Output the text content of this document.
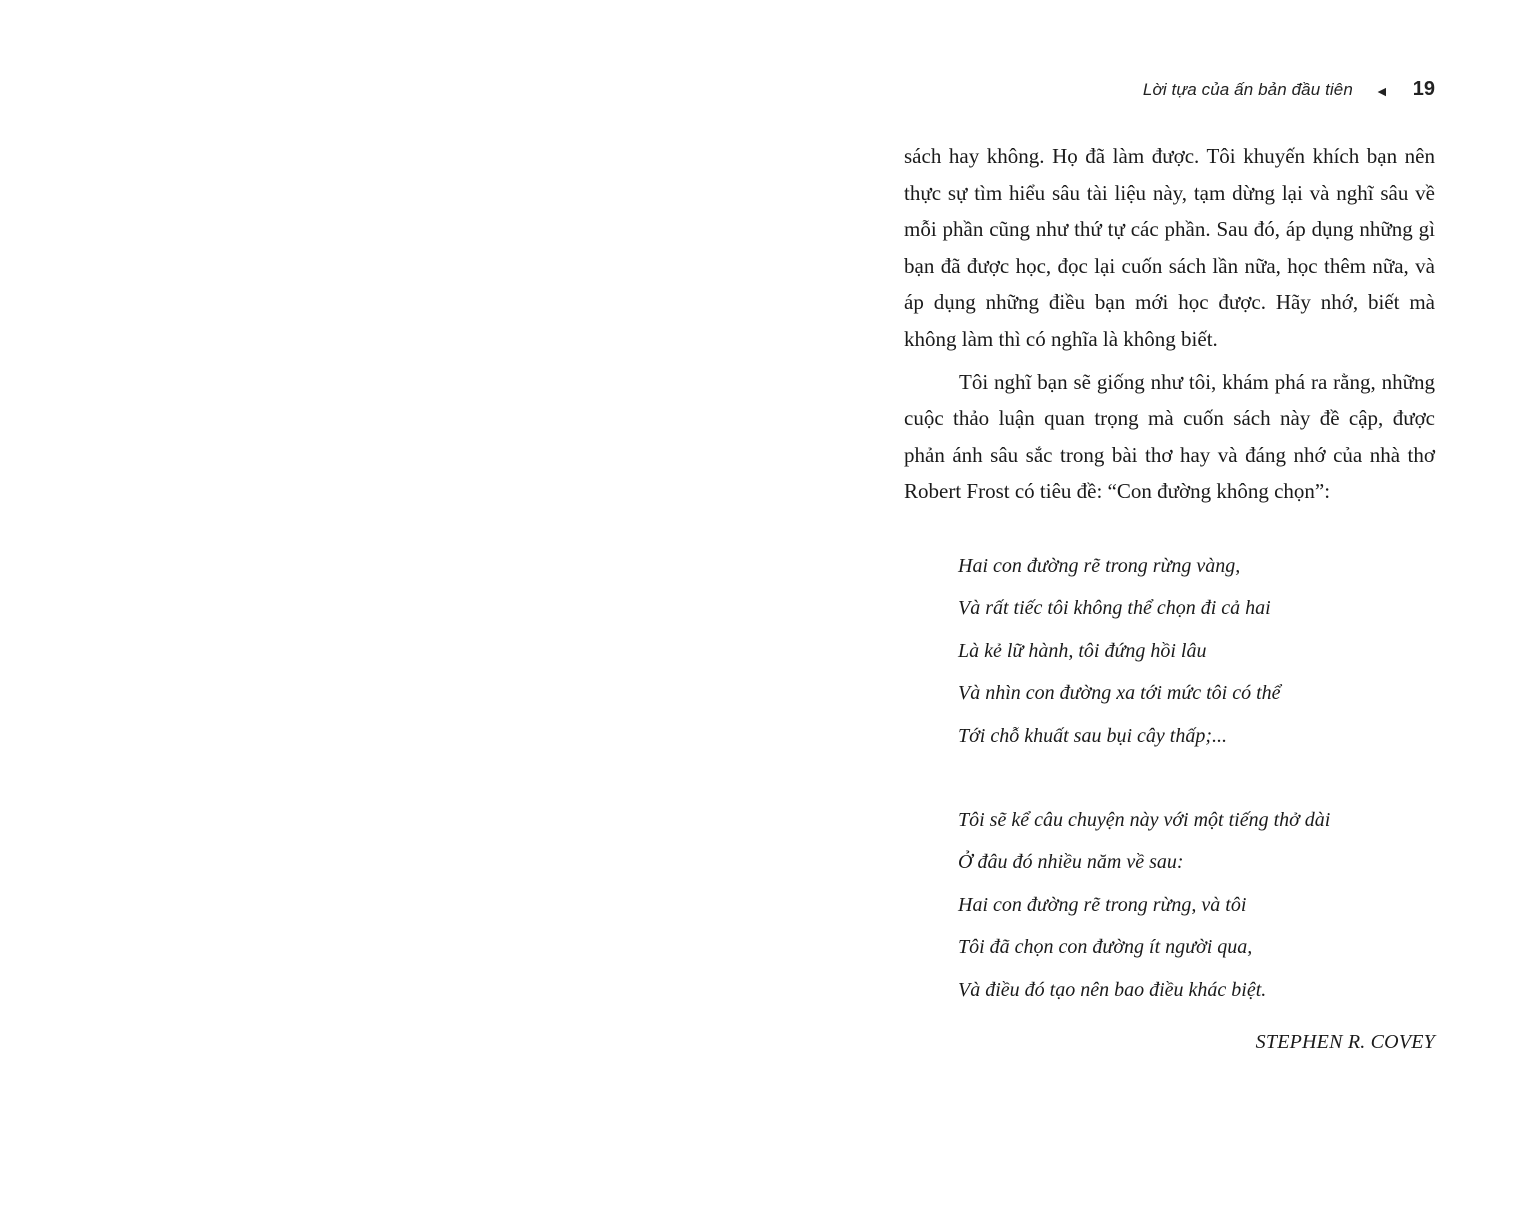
Lời tựa của ấn bản đầu tiên ◄ 19

sách hay không. Họ đã làm được. Tôi khuyến khích bạn nên thực sự tìm hiểu sâu tài liệu này, tạm dừng lại và nghĩ sâu về mỗi phần cũng như thứ tự các phần. Sau đó, áp dụng những gì bạn đã được học, đọc lại cuốn sách lần nữa, học thêm nữa, và áp dụng những điều bạn mới học được. Hãy nhớ, biết mà không làm thì có nghĩa là không biết.

Tôi nghĩ bạn sẽ giống như tôi, khám phá ra rằng, những cuộc thảo luận quan trọng mà cuốn sách này đề cập, được phản ánh sâu sắc trong bài thơ hay và đáng nhớ của nhà thơ Robert Frost có tiêu đề: “Con đường không chọn”:

Hai con đường rẽ trong rừng vàng,
Và rất tiếc tôi không thể chọn đi cả hai
Là kẻ lữ hành, tôi đứng hồi lâu
Và nhìn con đường xa tới mức tôi có thể
Tới chỗ khuất sau bụi cây thấp;...
Tôi sẽ kể câu chuyện này với một tiếng thở dài
Ở đâu đó nhiều năm về sau:
Hai con đường rẽ trong rừng, và tôi
Tôi đã chọn con đường ít người qua,
Và điều đó tạo nên bao điều khác biệt.
STEPHEN R. COVEY
